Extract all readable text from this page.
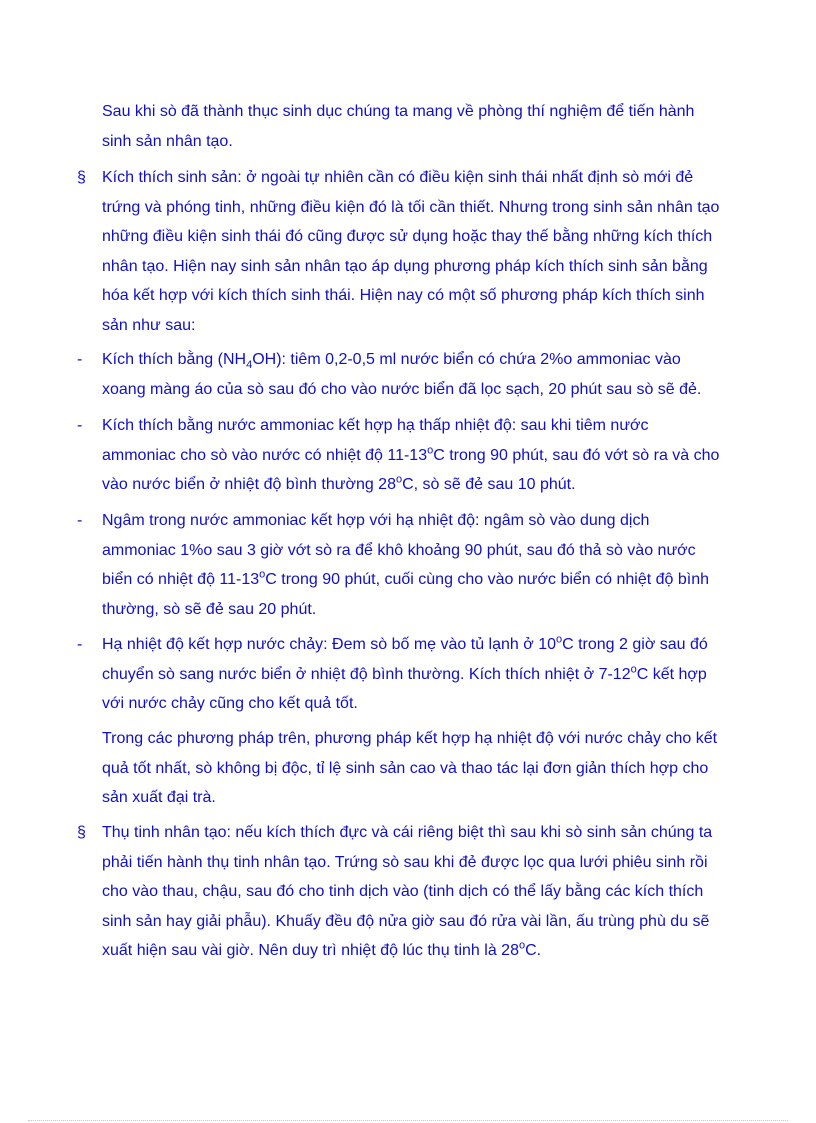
Sau khi sò đã thành thục sinh dục chúng ta mang về phòng thí nghiệm để tiến hành sinh sản nhân tạo.

§ Kích thích sinh sản: ở ngoài tự nhiên cần có điều kiện sinh thái nhất định sò mới đẻ trứng và phóng tinh, những điều kiện đó là tối cần thiết. Nhưng trong sinh sản nhân tạo những điều kiện sinh thái đó cũng được sử dụng hoặc thay thế bằng những kích thích nhân tạo. Hiện nay sinh sản nhân tạo áp dụng phương pháp kích thích sinh sản bằng hóa kết hợp với kích thích sinh thái. Hiện nay có một số phương pháp kích thích sinh sản như sau:

- Kích thích bằng $(NH_4OH)$: tiêm 0,2-0,5 ml nước biển có chứa 2%o ammoniac vào xoang màng áo của sò sau đó cho vào nước biển đã lọc sạch, 20 phút sau sò sẽ đẻ.

- Kích thích bằng nước ammoniac kết hợp hạ thấp nhiệt độ: sau khi tiêm nước ammoniac cho sò vào nước có nhiệt độ 11-13$^o$C trong 90 phút, sau đó vớt sò ra và cho vào nước biển ở nhiệt độ bình thường 28$^o$C, sò sẽ đẻ sau 10 phút.

- Ngâm trong nước ammoniac kết hợp với hạ nhiệt độ: ngâm sò vào dung dịch ammoniac 1%o sau 3 giờ vớt sò ra để khô khoảng 90 phút, sau đó thả sò vào nước biển có nhiệt độ 11-13$^o$C trong 90 phút, cuối cùng cho vào nước biển có nhiệt độ bình thường, sò sẽ đẻ sau 20 phút.

- Hạ nhiệt độ kết hợp nước chảy: Đem sò bố mẹ vào tủ lạnh ở 10$^o$C trong 2 giờ sau đó chuyển sò sang nước biển ở nhiệt độ bình thường. Kích thích nhiệt ở 7-12$^o$C kết hợp với nước chảy cũng cho kết quả tốt.

Trong các phương pháp trên, phương pháp kết hợp hạ nhiệt độ với nước chảy cho kết quả tốt nhất, sò không bị độc, tỉ lệ sinh sản cao và thao tác lại đơn giản thích hợp cho sản xuất đại trà.

§ Thụ tinh nhân tạo: nếu kích thích đực và cái riêng biệt thì sau khi sò sinh sản chúng ta phải tiến hành thụ tinh nhân tạo. Trứng sò sau khi đẻ được lọc qua lưới phiêu sinh rồi cho vào thau, chậu, sau đó cho tinh dịch vào (tinh dịch có thể lấy bằng các kích thích sinh sản hay giải phẫu). Khuấy đều độ nửa giờ sau đó rửa vài lần, ấu trùng phù du sẽ xuất hiện sau vài giờ. Nên duy trì nhiệt độ lúc thụ tinh là 28$^o$C.
